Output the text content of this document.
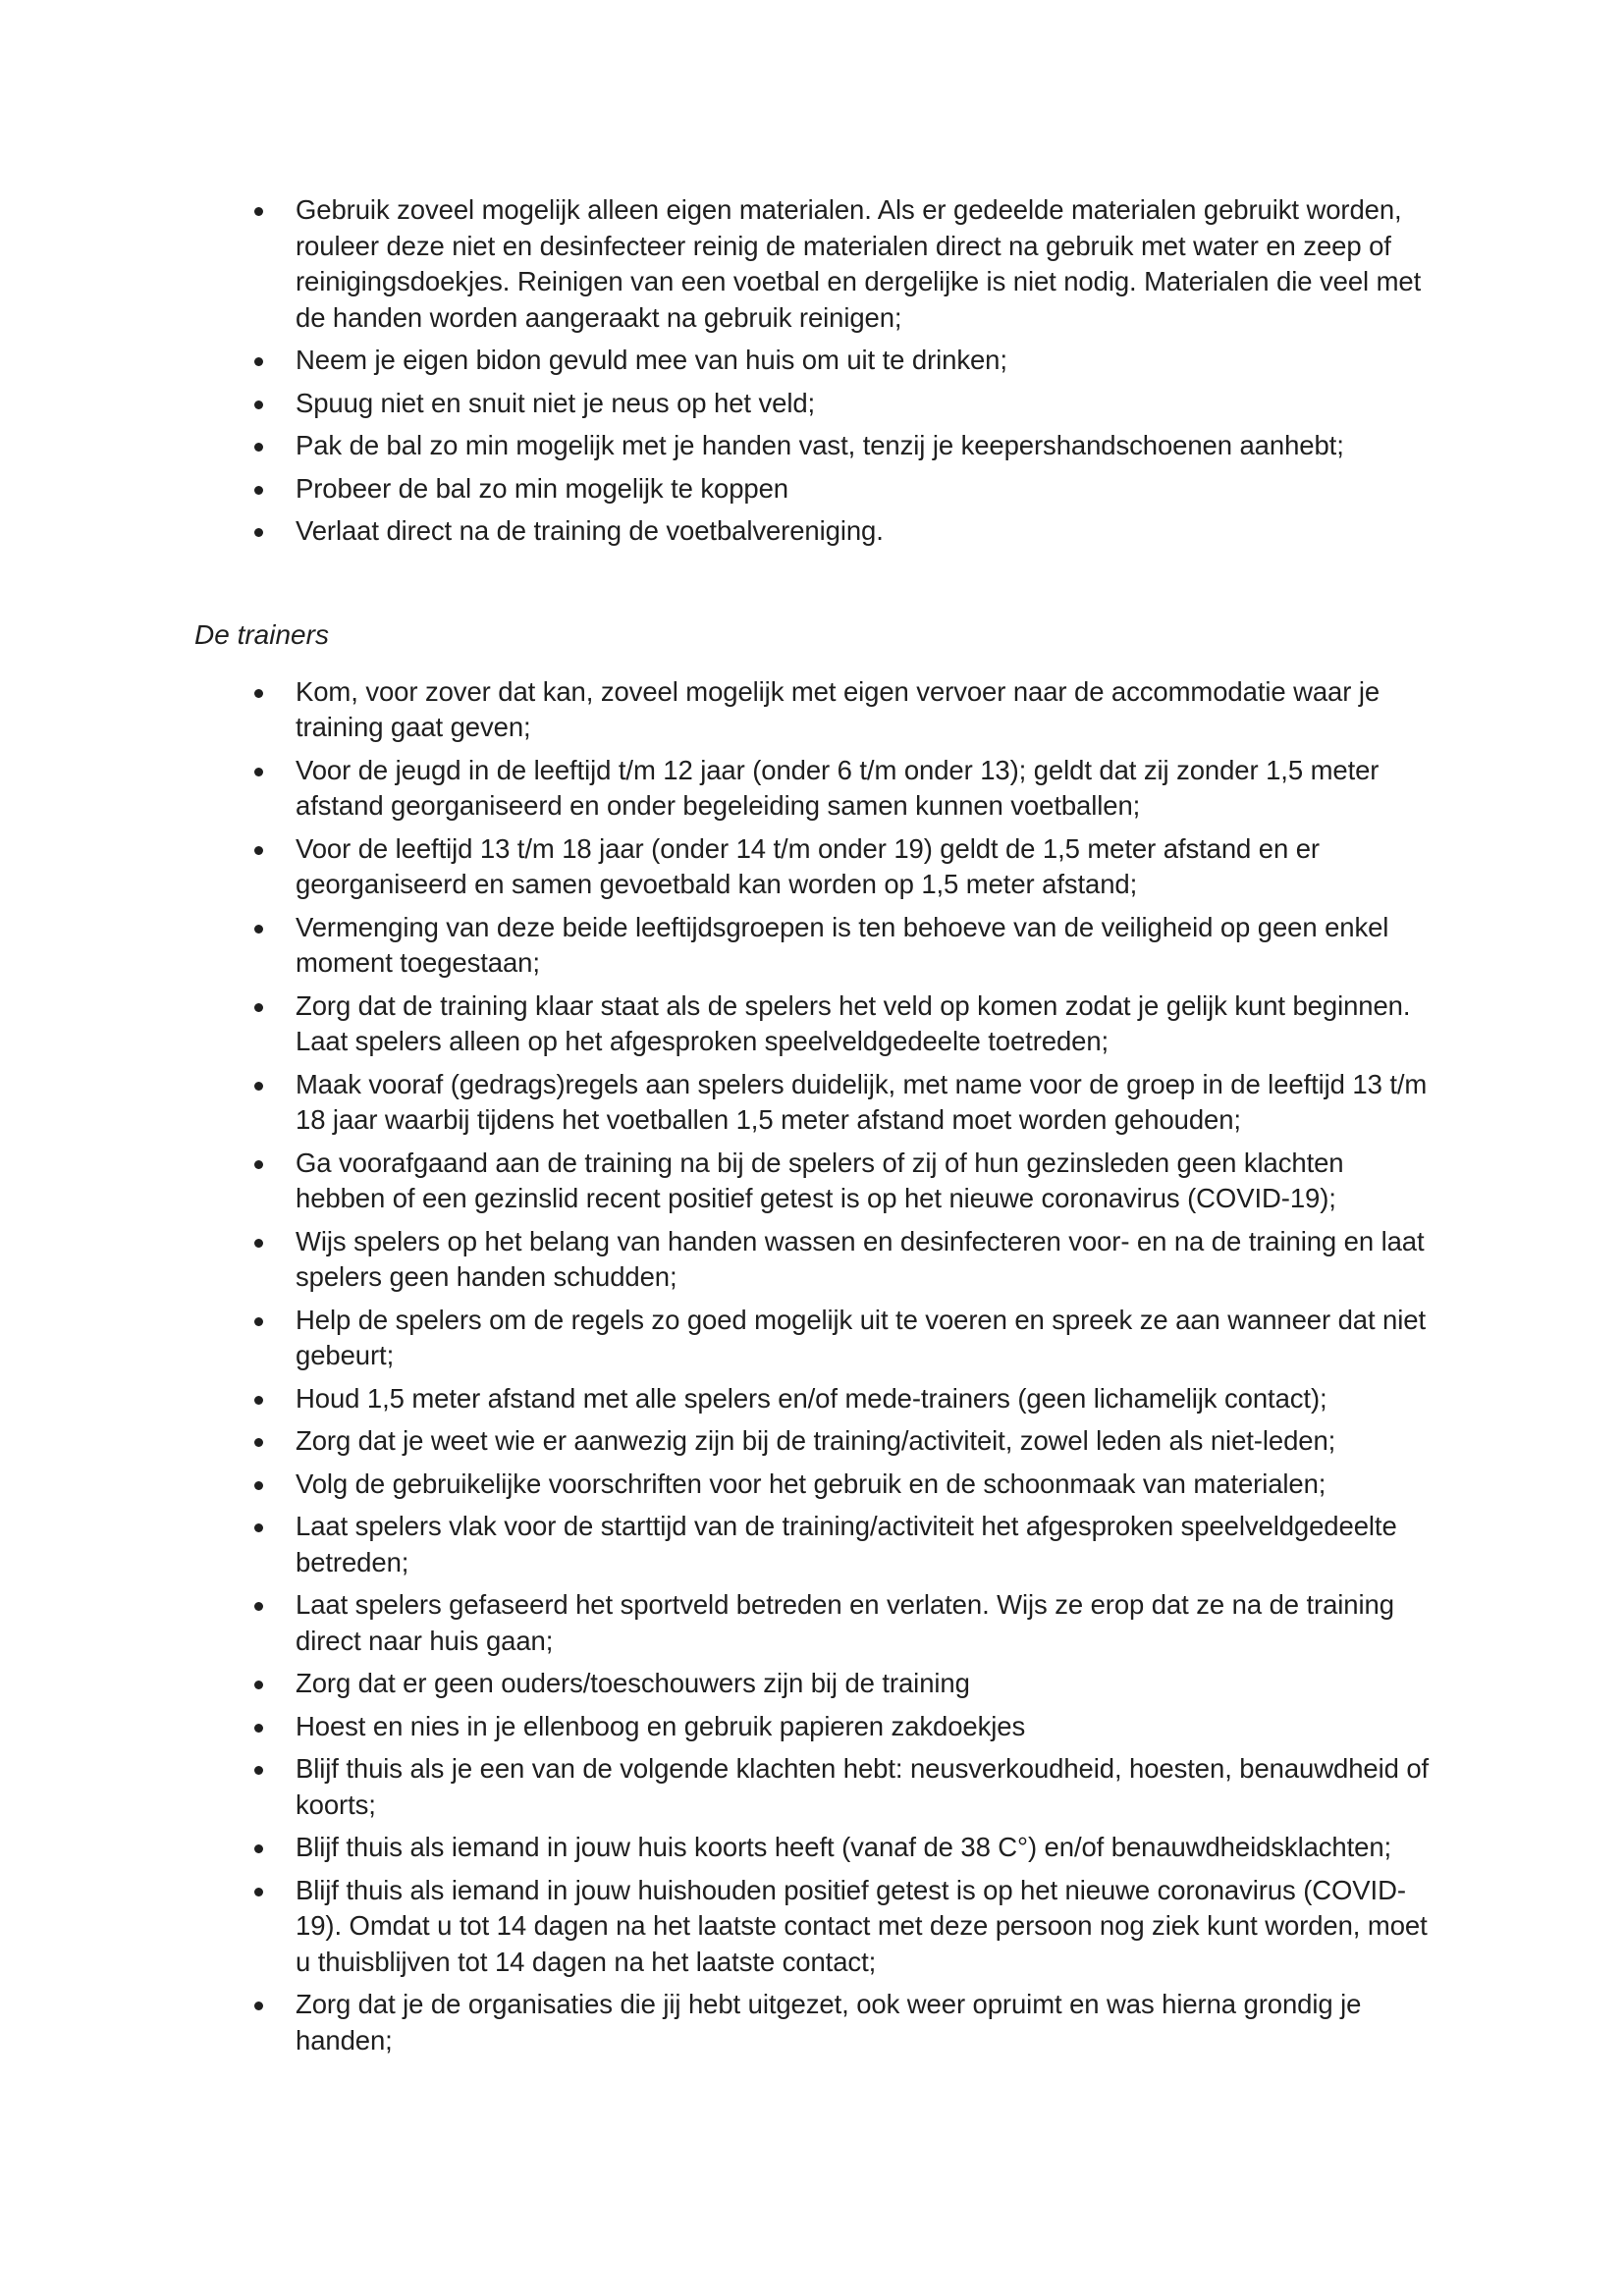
Gebruik zoveel mogelijk alleen eigen materialen. Als er gedeelde materialen gebruikt worden, rouleer deze niet en desinfecteer reinig de materialen direct na gebruik met water en zeep of reinigingsdoekjes. Reinigen van een voetbal en dergelijke is niet nodig. Materialen die veel met de handen worden aangeraakt na gebruik reinigen;
Neem je eigen bidon gevuld mee van huis om uit te drinken;
Spuug niet en snuit niet je neus op het veld;
Pak de bal zo min mogelijk met je handen vast, tenzij je keepershandschoenen aanhebt;
Probeer de bal zo min mogelijk te koppen
Verlaat direct na de training de voetbalvereniging.

De trainers

Kom, voor zover dat kan, zoveel mogelijk met eigen vervoer naar de accommodatie waar je training gaat geven;
Voor de jeugd in de leeftijd t/m 12 jaar (onder 6 t/m onder 13); geldt dat zij zonder 1,5 meter afstand georganiseerd en onder begeleiding samen kunnen voetballen;
Voor de leeftijd 13 t/m 18 jaar (onder 14 t/m onder 19) geldt de 1,5 meter afstand en er georganiseerd en samen gevoetbald kan worden op 1,5 meter afstand;
Vermenging van deze beide leeftijdsgroepen is ten behoeve van de veiligheid op geen enkel moment toegestaan;
Zorg dat de training klaar staat als de spelers het veld op komen zodat je gelijk kunt beginnen. Laat spelers alleen op het afgesproken speelveldgedeelte toetreden;
Maak vooraf (gedrags)regels aan spelers duidelijk, met name voor de groep in de leeftijd 13 t/m 18 jaar waarbij tijdens het voetballen 1,5 meter afstand moet worden gehouden;
Ga voorafgaand aan de training na bij de spelers of zij of hun gezinsleden geen klachten hebben of een gezinslid recent positief getest is op het nieuwe coronavirus (COVID-19);
Wijs spelers op het belang van handen wassen en desinfecteren voor- en na de training en laat spelers geen handen schudden;
Help de spelers om de regels zo goed mogelijk uit te voeren en spreek ze aan wanneer dat niet gebeurt;
Houd 1,5 meter afstand met alle spelers en/of mede-trainers (geen lichamelijk contact);
Zorg dat je weet wie er aanwezig zijn bij de training/activiteit, zowel leden als niet-leden;
Volg de gebruikelijke voorschriften voor het gebruik en de schoonmaak van materialen;
Laat spelers vlak voor de starttijd van de training/activiteit het afgesproken speelveldgedeelte betreden;
Laat spelers gefaseerd het sportveld betreden en verlaten. Wijs ze erop dat ze na de training direct naar huis gaan;
Zorg dat er geen ouders/toeschouwers zijn bij de training
Hoest en nies in je ellenboog en gebruik papieren zakdoekjes
Blijf thuis als je een van de volgende klachten hebt: neusverkoudheid, hoesten, benauwdheid of koorts;
Blijf thuis als iemand in jouw huis koorts heeft (vanaf de 38 C°) en/of benauwdheidsklachten;
Blijf thuis als iemand in jouw huishouden positief getest is op het nieuwe coronavirus (COVID-19). Omdat u tot 14 dagen na het laatste contact met deze persoon nog ziek kunt worden, moet u thuisblijven tot 14 dagen na het laatste contact;
Zorg dat je de organisaties die jij hebt uitgezet, ook weer opruimt en was hierna grondig je handen;
